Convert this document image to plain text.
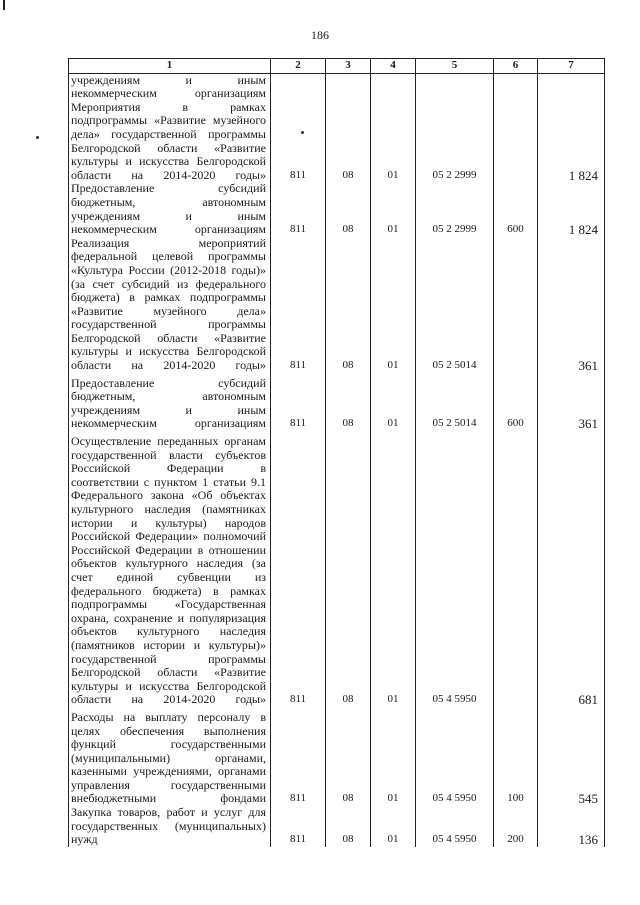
186
1	2	3	4	5	6	7
учреждениям и иным некоммерческим организациям						
Мероприятия в рамках подпрограммы «Развитие музейного дела» государственной программы Белгородской области «Развитие культуры и искусства Белгородской области на 2014-2020 годы»	811	08	01	05 2 2999		1 824
Предоставление субсидий бюджетным, автономным учреждениям и иным некоммерческим организациям	811	08	01	05 2 2999	600	1 824
Реализация мероприятий федеральной целевой программы «Культура России (2012-2018 годы)» (за счет субсидий из федерального бюджета) в рамках подпрограммы «Развитие музейного дела» государственной программы Белгородской области «Развитие культуры и искусства Белгородской области на 2014-2020 годы»	811	08	01	05 2 5014		361
Предоставление субсидий бюджетным, автономным учреждениям и иным некоммерческим организациям	811	08	01	05 2 5014	600	361
Осуществление переданных органам государственной власти субъектов Российской Федерации в соответствии с пунктом 1 статьи 9.1 Федерального закона «Об объектах культурного наследия (памятниках истории и культуры) народов Российской Федерации» полномочий Российской Федерации в отношении объектов культурного наследия (за счет единой субвенции из федерального бюджета) в рамках подпрограммы «Государственная охрана, сохранение и популяризация объектов культурного наследия (памятников истории и культуры)» государственной программы Белгородской области «Развитие культуры и искусства Белгородской области на 2014-2020 годы»	811	08	01	05 4 5950		681
Расходы на выплату персоналу в целях обеспечения выполнения функций государственными (муниципальными) органами, казенными учреждениями, органами управления государственными внебюджетными фондами	811	08	01	05 4 5950	100	545
Закупка товаров, работ и услуг для государственных (муниципальных) нужд	811	08	01	05 4 5950	200	136
